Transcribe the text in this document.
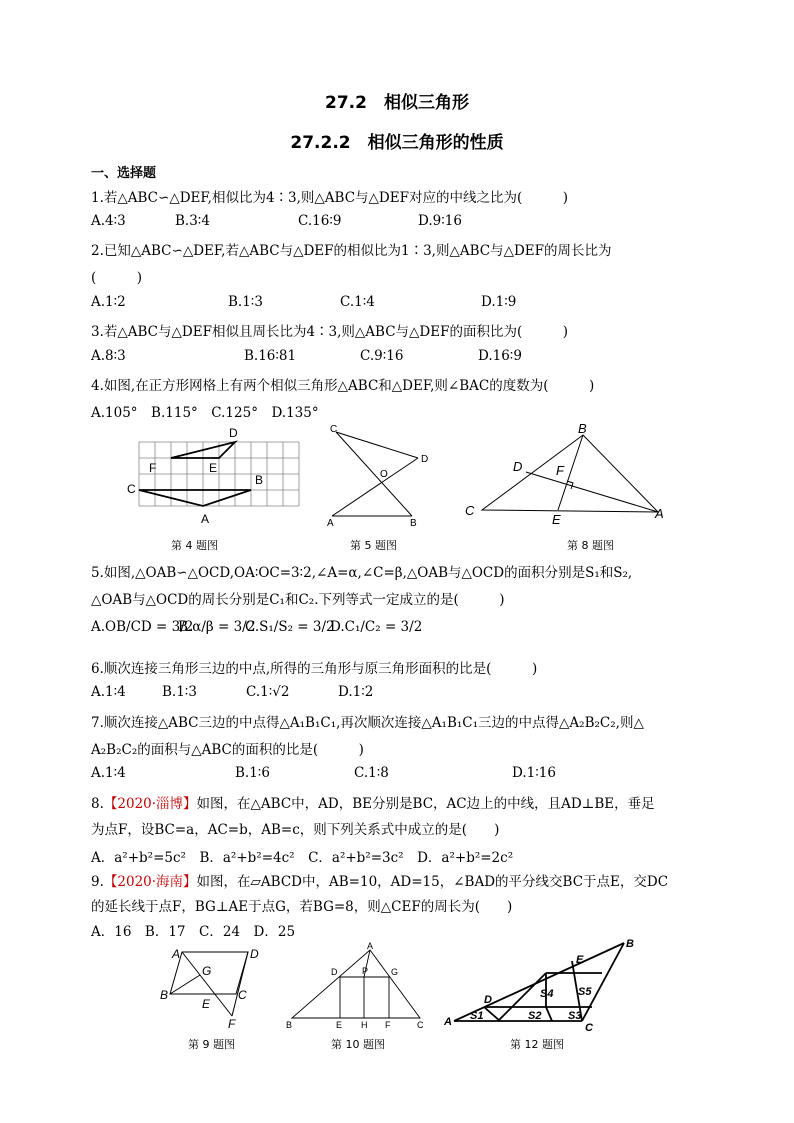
27.2　相似三角形
27.2.2　相似三角形的性质
一、选择题
1.若△ABC∽△DEF,相似比为4∶3,则△ABC与△DEF对应的中线之比为(　　　)
A.4∶3	B.3∶4	C.16∶9	D.9∶16
2.已知△ABC∽△DEF,若△ABC与△DEF的相似比为1∶3,则△ABC与△DEF的周长比为
(　　　)
A.1∶2	B.1∶3	C.1∶4	D.1∶9
3.若△ABC与△DEF相似且周长比为4∶3,则△ABC与△DEF的面积比为(　　　)
A.8∶3	B.16∶81	C.9∶16	D.16∶9
4.如图,在正方形网格上有两个相似三角形△ABC和△DEF,则∠BAC的度数为(　　　)
A.105°　B.115°　C.125°　D.135°
D
F	E
C
B
A
第 4 题图
C
D
O
A	B
第 5 题图
B
D	F
C
E	A
第 8 题图
5.如图,△OAB∽△OCD,OA∶OC=3∶2,∠A=α,∠C=β,△OAB与△OCD的面积分别是S₁和S₂,
△OAB与△OCD的周长分别是C₁和C₂.下列等式一定成立的是(　　　)
A.OB/CD = 3/2
B.α/β = 3/2
C.S₁/S₂ = 3/2
D.C₁/C₂ = 3/2
6.顺次连接三角形三边的中点,所得的三角形与原三角形面积的比是(　　　)
A.1∶4	B.1∶3	C.1∶√2	D.1∶2
7.顺次连接△ABC三边的中点得△A₁B₁C₁,再次顺次连接△A₁B₁C₁三边的中点得△A₂B₂C₂,则△
A₂B₂C₂的面积与△ABC的面积的比是(　　　)
A.1∶4	B.1∶6	C.1∶8	D.1∶16
8.【2020·淄博】如图，在△ABC中，AD，BE分别是BC，AC边上的中线，且AD⊥BE，垂足
为点F，设BC=a，AC=b，AB=c，则下列关系式中成立的是(　　)
A．a²+b²=5c²　B．a²+b²=4c²　C．a²+b²=3c²　D．a²+b²=2c²
9.【2020·海南】如图，在▱ABCD中，AB=10，AD=15，∠BAD的平分线交BC于点E，交DC
的延长线于点F，BG⊥AE于点G，若BG=8，则△CEF的周长为(　　)
A．16　B．17　C．24　D．25
A	D
G
B
E
C
F
第 9 题图
A
D	P	G
B	E H F	C
第 10 题图
B
E
D	S4 S5
S1	S2 S3
A	C
第 12 题图
